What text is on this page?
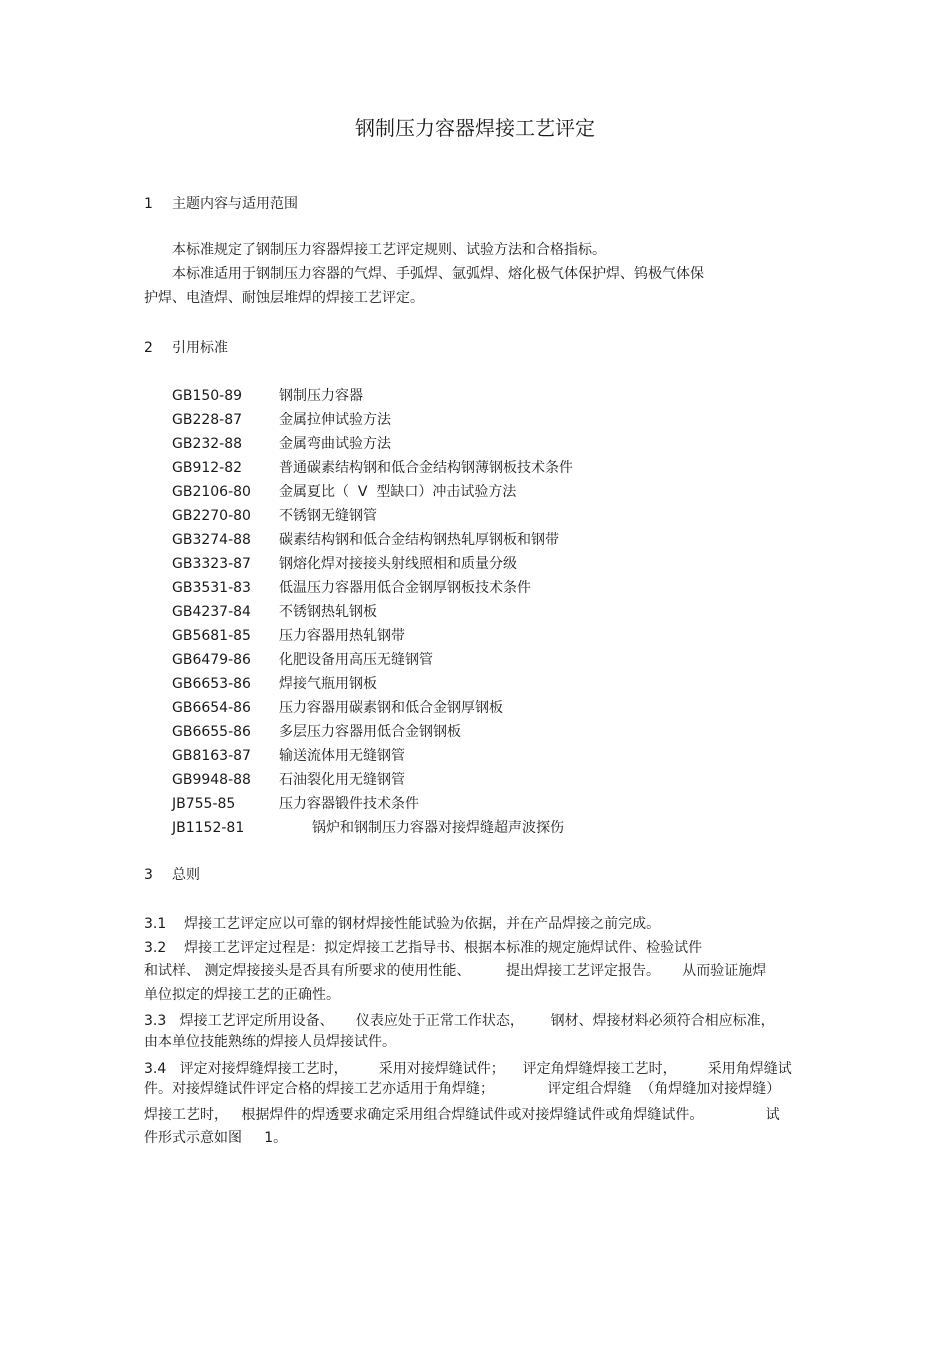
钢制压力容器焊接工艺评定
1 主题内容与适用范围
本标准规定了钢制压力容器焊接工艺评定规则、试验方法和合格指标。
本标准适用于钢制压力容器的气焊、手弧焊、氩弧焊、熔化极气体保护焊、钨极气体保
护焊、电渣焊、耐蚀层堆焊的焊接工艺评定。
2 引用标准
GB150-89	钢制压力容器
GB228-87	金属拉伸试验方法
GB232-88	金属弯曲试验方法
GB912-82	普通碳素结构钢和低合金结构钢薄钢板技术条件
GB2106-80 金属夏比（  V  型缺口）冲击试验方法
GB2270-80 不锈钢无缝钢管
GB3274-88 碳素结构钢和低合金结构钢热轧厚钢板和钢带
GB3323-87 钢熔化焊对接接头射线照相和质量分级
GB3531-83 低温压力容器用低合金钢厚钢板技术条件
GB4237-84 不锈钢热轧钢板
GB5681-85 压力容器用热轧钢带
GB6479-86 化肥设备用高压无缝钢管
GB6653-86 焊接气瓶用钢板
GB6654-86 压力容器用碳素钢和低合金钢厚钢板
GB6655-86 多层压力容器用低合金钢钢板
GB8163-87 输送流体用无缝钢管
GB9948-88 石油裂化用无缝钢管
JB755-85	压力容器锻件技术条件
JB1152-81	锅炉和钢制压力容器对接焊缝超声波探伤
3 总则
3.1    焊接工艺评定应以可靠的钢材焊接性能试验为依据，并在产品焊接之前完成。
3.2    焊接工艺评定过程是：拟定焊接工艺指导书、根据本标准的规定施焊试件、检验试件
和试样、 测定焊接接头是否具有所要求的使用性能、        提出焊接工艺评定报告。     从而验证施焊
单位拟定的焊接工艺的正确性。
3.3   焊接工艺评定所用设备、     仪表应处于正常工作状态，      钢材、焊接材料必须符合相应标准，
由本单位技能熟练的焊接人员焊接试件。
3.4   评定对接焊缝焊接工艺时，       采用对接焊缝试件；    评定角焊缝焊接工艺时，       采用角焊缝试
件。对接焊缝试件评定合格的焊接工艺亦适用于角焊缝；            评定组合焊缝  （角焊缝加对接焊缝）
焊接工艺时，   根据焊件的焊透要求确定采用组合焊缝试件或对接焊缝试件或角焊缝试件。              试
件形式示意如图     1。
